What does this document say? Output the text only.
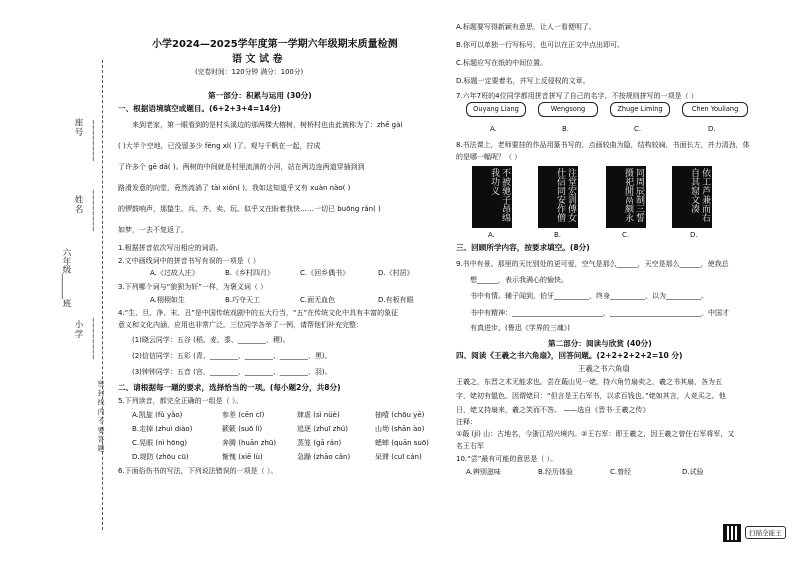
座号 ________
姓名 ________
六年级______班
小学 ________
密 封 线 内 不 要 答 题
小学2024—2025学年度第一学期六年级期末质量检测
语 文 试 卷
(完卷时间：120分钟 满分：100分)
第一部分：积累与运用 (30分)
一、根据语境填空或题目。(6+2+3+4=14分)
来到老家，第一眼看到的是村头溪边的那两棵大榕树，树桥村也由此被称为了：zhē gài
( )大半个空地，已没留多少 fēng xǐ( )了。观与千帆在一起，拧成
了许多个 gē dā( )。两树的中间就是村里流淌的小河，站在两边连两道穿插到到
路滑发意的向堂，竟然流淌了 tài xiǒn( )。我如这知道乎又有 xuàn nào( )
的锣鼓响声，那蛰生、兵、齐、卖、玩。似乎又在盼着我快……一切已 buōng rǎn( )
如梦，一去不复返了。
1.根据拼音依次写出相应的词语。
2.文中画线词中的拼音书写有误的一项是（ ）
A.《过故人庄》	B.《乡村四月》	C.《回乡偶书》	D.《村居》
3.下列哪个词与“狼狈为奸”一样，为褒义词（ ）
A.栩栩如生	B.巧夺天工	C.面无血色	D.有板有眼
4.“生、旦、净、末、丑”是中国传统戏剧中的五大行当，“五”在传统文化中具有丰富的象征
意义和文化内涵，应用也非常广泛。三位同学各举了一例，请帮他们补充完整：
(1)晓云同学：五谷 (稻、麦、黍、________、稷)。
(2)信信同学：五彩 (青、________、________、________、黑)。
(3)钟钟同学：五音 (宫、________、________、________、羽)。
二、请根据每一题的要求，选择恰当的一项。(每小题2分，共8分)
5.下列读音，都完全正确的一组是（ ）。
A.凯旋 (fǔ yǎo)	参差 (cēn cī)	肆虐 (sì nüè)	抽噎 (chōu yē)
B.走掉 (zhuì diào)	簌簌 (suō lì)	追逐 (zhuī zhú)	山坳 (shān ào)
C.晃眼 (nì hōng)	奔腾 (huān zhū)	蒸笼 (gā rán)	蟋蟀 (quān suō)
D.堤防 (zhōu cū)	惭愧 (xiē lù)	急躁 (zhāo cǎn)	呆滞 (cuī cán)
6.下面俗伤书的写法，下列说法错误的一项是（ ）。
A.标题要写得新颖有意思，让人一看便明了。
B.你可以单独一行写标号，也可以在正文中点出即可。
C.标题应写在纸的中间位置。
D.标题一定要着名，并写上反侵权的文章。
7.六年7班的4位同学都用拼音拼写了自己的名字，不按规则拼写的一项是（ ）
Ouyang Liang	Wengsong	Zhuge Liming	Chen Youliang
A.	B.	C.	D.
8.书法课上，老师要挂的作品用篆书写的，点画较曲为隐，结构较扁，书面长方，并力清劲，体
的是哪一幅呢？（ ）
不被驰子昂绵我功义	注堂宏训傅女仕信同安作僧	同周辰制三誓摄祀閒鬲颇永	依工芦兼而右自其窟文凑
A.	B.	C.	D.
三、回顾所学内容，按要求填空。(8分)
9.书中有景。那里的天比别处的更可爱，空气是那么______，天空是那么______，使我总
想______，表示我满心的愉快。
书中有情。辅子闻到，伯牙__________，终身__________，以为__________。
书中有精神：__________________________，__________________________，中国才
有真进步。(鲁迅《学界的三魂》)
第二部分：阅读与欣赏 (40分)
四、阅读《王羲之书六角扇》，回答问题。(2+2+2+2+2=10 分)
王羲之书六角扇
王羲之，东晋之术无能求也。尝在蕺山见一姥，持六角竹扇卖之，羲之书其扇，各为五
字，姥初有愠色。因谓姥曰：“但言是王右军书，以求百钱也。”姥如其言，人竞买之。他
日，姥又持扇来，羲之笑而不答。 ——选自《晋书·王羲之传》
注释：
①蕺 (jí) 山：古地名，今浙江绍兴境内。②王右军：即王羲之，因王羲之曾任右军将军，又
名王右军
10.“尝”最有可能的意思是（ ）。
A.辨别滋味	B.经历体验	C.曾经	D.试验
扫描全能王
